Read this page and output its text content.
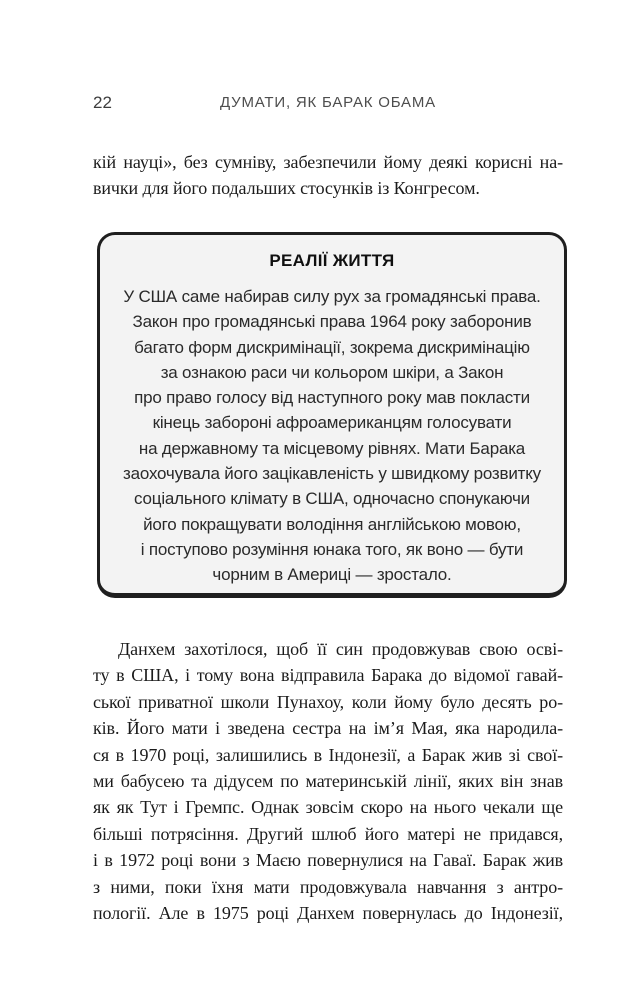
22	ДУМАТИ, ЯК БАРАК ОБАМА
кій науці», без сумніву, забезпечили йому деякі корисні на-
вички для його подальших стосунків із Конгресом.
РЕАЛІЇ ЖИТТЯ
У США саме набирав силу рух за громадянські права.
Закон про громадянські права 1964 року заборонив
багато форм дискримінації, зокрема дискримінацію
за ознакою раси чи кольором шкіри, а Закон
про право голосу від наступного року мав покласти
кінець забороні афроамериканцям голосувати
на державному та місцевому рівнях. Мати Барака
заохочувала його зацікавленість у швидкому розвитку
соціального клімату в США, одночасно спонукаючи
його покращувати володіння англійською мовою,
і поступово розуміння юнака того, як воно — бути
чорним в Америці — зростало.
Данхем захотілося, щоб її син продовжував свою осві-
ту в США, і тому вона відправила Барака до відомої гавай-
ської приватної школи Пунахоу, коли йому було десять ро-
ків. Його мати і зведена сестра на ім’я Мая, яка народила-
ся в 1970 році, залишились в Індонезії, а Барак жив зі свої-
ми бабусею та дідусем по материнській лінії, яких він знав
як як Тут і Гремпс. Однак зовсім скоро на нього чекали ще
більші потрясіння. Другий шлюб його матері не придався,
і в 1972 році вони з Маєю повернулися на Гаваї. Барак жив
з ними, поки їхня мати продовжувала навчання з антро-
пології. Але в 1975 році Данхем повернулась до Індонезії,
